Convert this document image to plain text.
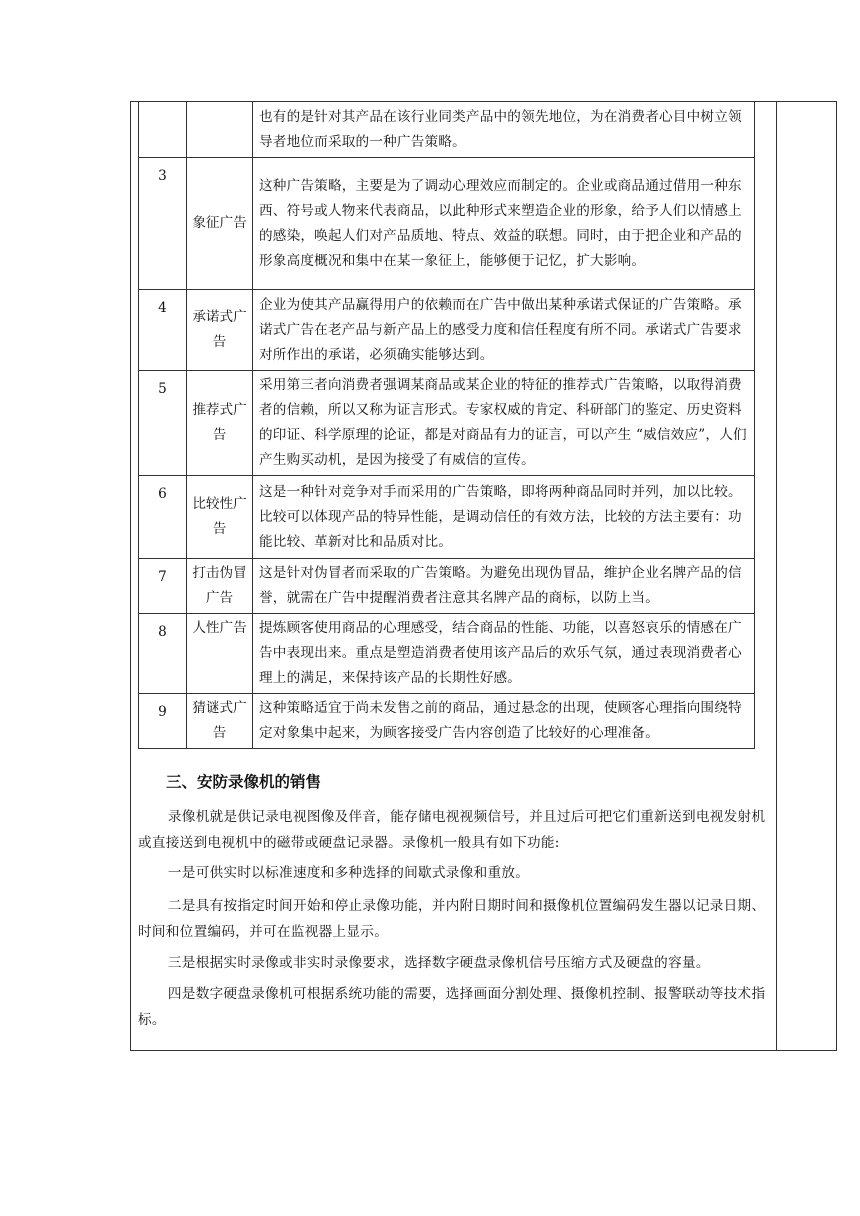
		也有的是针对其产品在该行业同类产品中的领先地位，为在消费者心目中树立领导者地位而采取的一种广告策略。
3	象征广告	这种广告策略，主要是为了调动心理效应而制定的。企业或商品通过借用一种东西、符号或人物来代表商品，以此种形式来塑造企业的形象，给予人们以情感上的感染，唤起人们对产品质地、特点、效益的联想。同时，由于把企业和产品的形象高度概况和集中在某一象征上，能够便于记忆，扩大影响。
4	承诺式广告	企业为使其产品赢得用户的依赖而在广告中做出某种承诺式保证的广告策略。承诺式广告在老产品与新产品上的感受力度和信任程度有所不同。承诺式广告要求对所作出的承诺，必须确实能够达到。
5	推荐式广告	采用第三者向消费者强调某商品或某企业的特征的推荐式广告策略，以取得消费者的信赖，所以又称为证言形式。专家权威的肯定、科研部门的鉴定、历史资料的印证、科学原理的论证，都是对商品有力的证言，可以产生 “威信效应”，人们产生购买动机，是因为接受了有威信的宣传。
6	比较性广告	这是一种针对竞争对手而采用的广告策略，即将两种商品同时并列，加以比较。比较可以体现产品的特异性能，是调动信任的有效方法，比较的方法主要有：功能比较、革新对比和品质对比。
7	打击伪冒广告	这是针对伪冒者而采取的广告策略。为避免出现伪冒品，维护企业名牌产品的信誉，就需在广告中提醒消费者注意其名牌产品的商标，以防上当。
8	人性广告	提炼顾客使用商品的心理感受，结合商品的性能、功能，以喜怒哀乐的情感在广告中表现出来。重点是塑造消费者使用该产品后的欢乐气氛，通过表现消费者心理上的满足，来保持该产品的长期性好感。
9	猜谜式广告	这种策略适宜于尚未发售之前的商品，通过悬念的出现，使顾客心理指向围绕特定对象集中起来，为顾客接受广告内容创造了比较好的心理准备。
三、安防录像机的销售
录像机就是供记录电视图像及伴音，能存储电视视频信号，并且过后可把它们重新送到电视发射机或直接送到电视机中的磁带或硬盘记录器。录像机一般具有如下功能:
一是可供实时以标准速度和多种选择的间歇式录像和重放。
二是具有按指定时间开始和停止录像功能，并内附日期时间和摄像机位置编码发生器以记录日期、时间和位置编码，并可在监视器上显示。
三是根据实时录像或非实时录像要求，选择数字硬盘录像机信号压缩方式及硬盘的容量。
四是数字硬盘录像机可根据系统功能的需要，选择画面分割处理、摄像机控制、报警联动等技术指标。
